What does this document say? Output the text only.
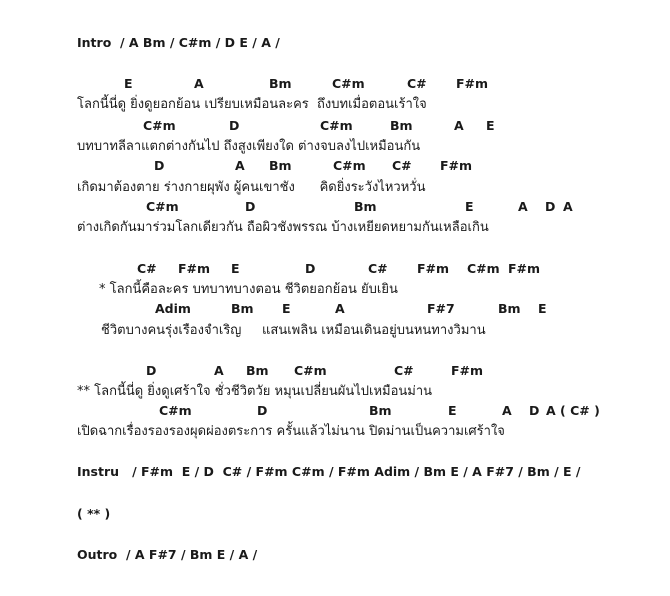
Intro  / A Bm / C#m / D E / A /
E	A	Bm	C#m	C# F#m
โลกนี้นี่ดู ยิ่งดูยอกย้อน เปรียบเหมือนละคร  ถึงบทเมื่อตอนเร้าใจ
C#m	D	C#m	Bm	A E
บทบาทลีลาแตกต่างกันไป ถึงสูงเพียงใด ต่างจบลงไปเหมือนกัน
D	A Bm	C#m C# F#m
เกิดมาต้องตาย ร่างกายผุพัง ผู้คนเขาชัง      คิดยิ่งระวังไหวหวั่น
C#m	D	Bm	E	A D A
ต่างเกิดกันมาร่วมโลกเดียวกัน ถือผิวชังพรรณ บ้างเหยียดหยามกันเหลือเกิน
C# F#m E	D	C# F#m C#m F#m
* โลกนี้คือละคร บทบาทบางตอน ชีวิตยอกย้อน ยับเยิน
Adim	Bm E	A	F#7	Bm E
ชีวิตบางคนรุ่งเรืองจำเริญ     แสนเพลิน เหมือนเดินอยู่บนหนทางวิมาน
D	A Bm C#m	C#	F#m
** โลกนี้นี่ดู ยิ่งดูเศร้าใจ ชั่วชีวิตวัย หมุนเปลี่ยนผันไปเหมือนม่าน
C#m	D	Bm	E	A D A ( C# )
เปิดฉากเรื่องรองรองผุดผ่องตระการ ครั้นแล้วไม่นาน ปิดม่านเป็นความเศร้าใจ
Instru   / F#m  E / D  C# / F#m C#m / F#m Adim / Bm E / A F#7 / Bm / E /
( ** )
Outro  / A F#7 / Bm E / A /
